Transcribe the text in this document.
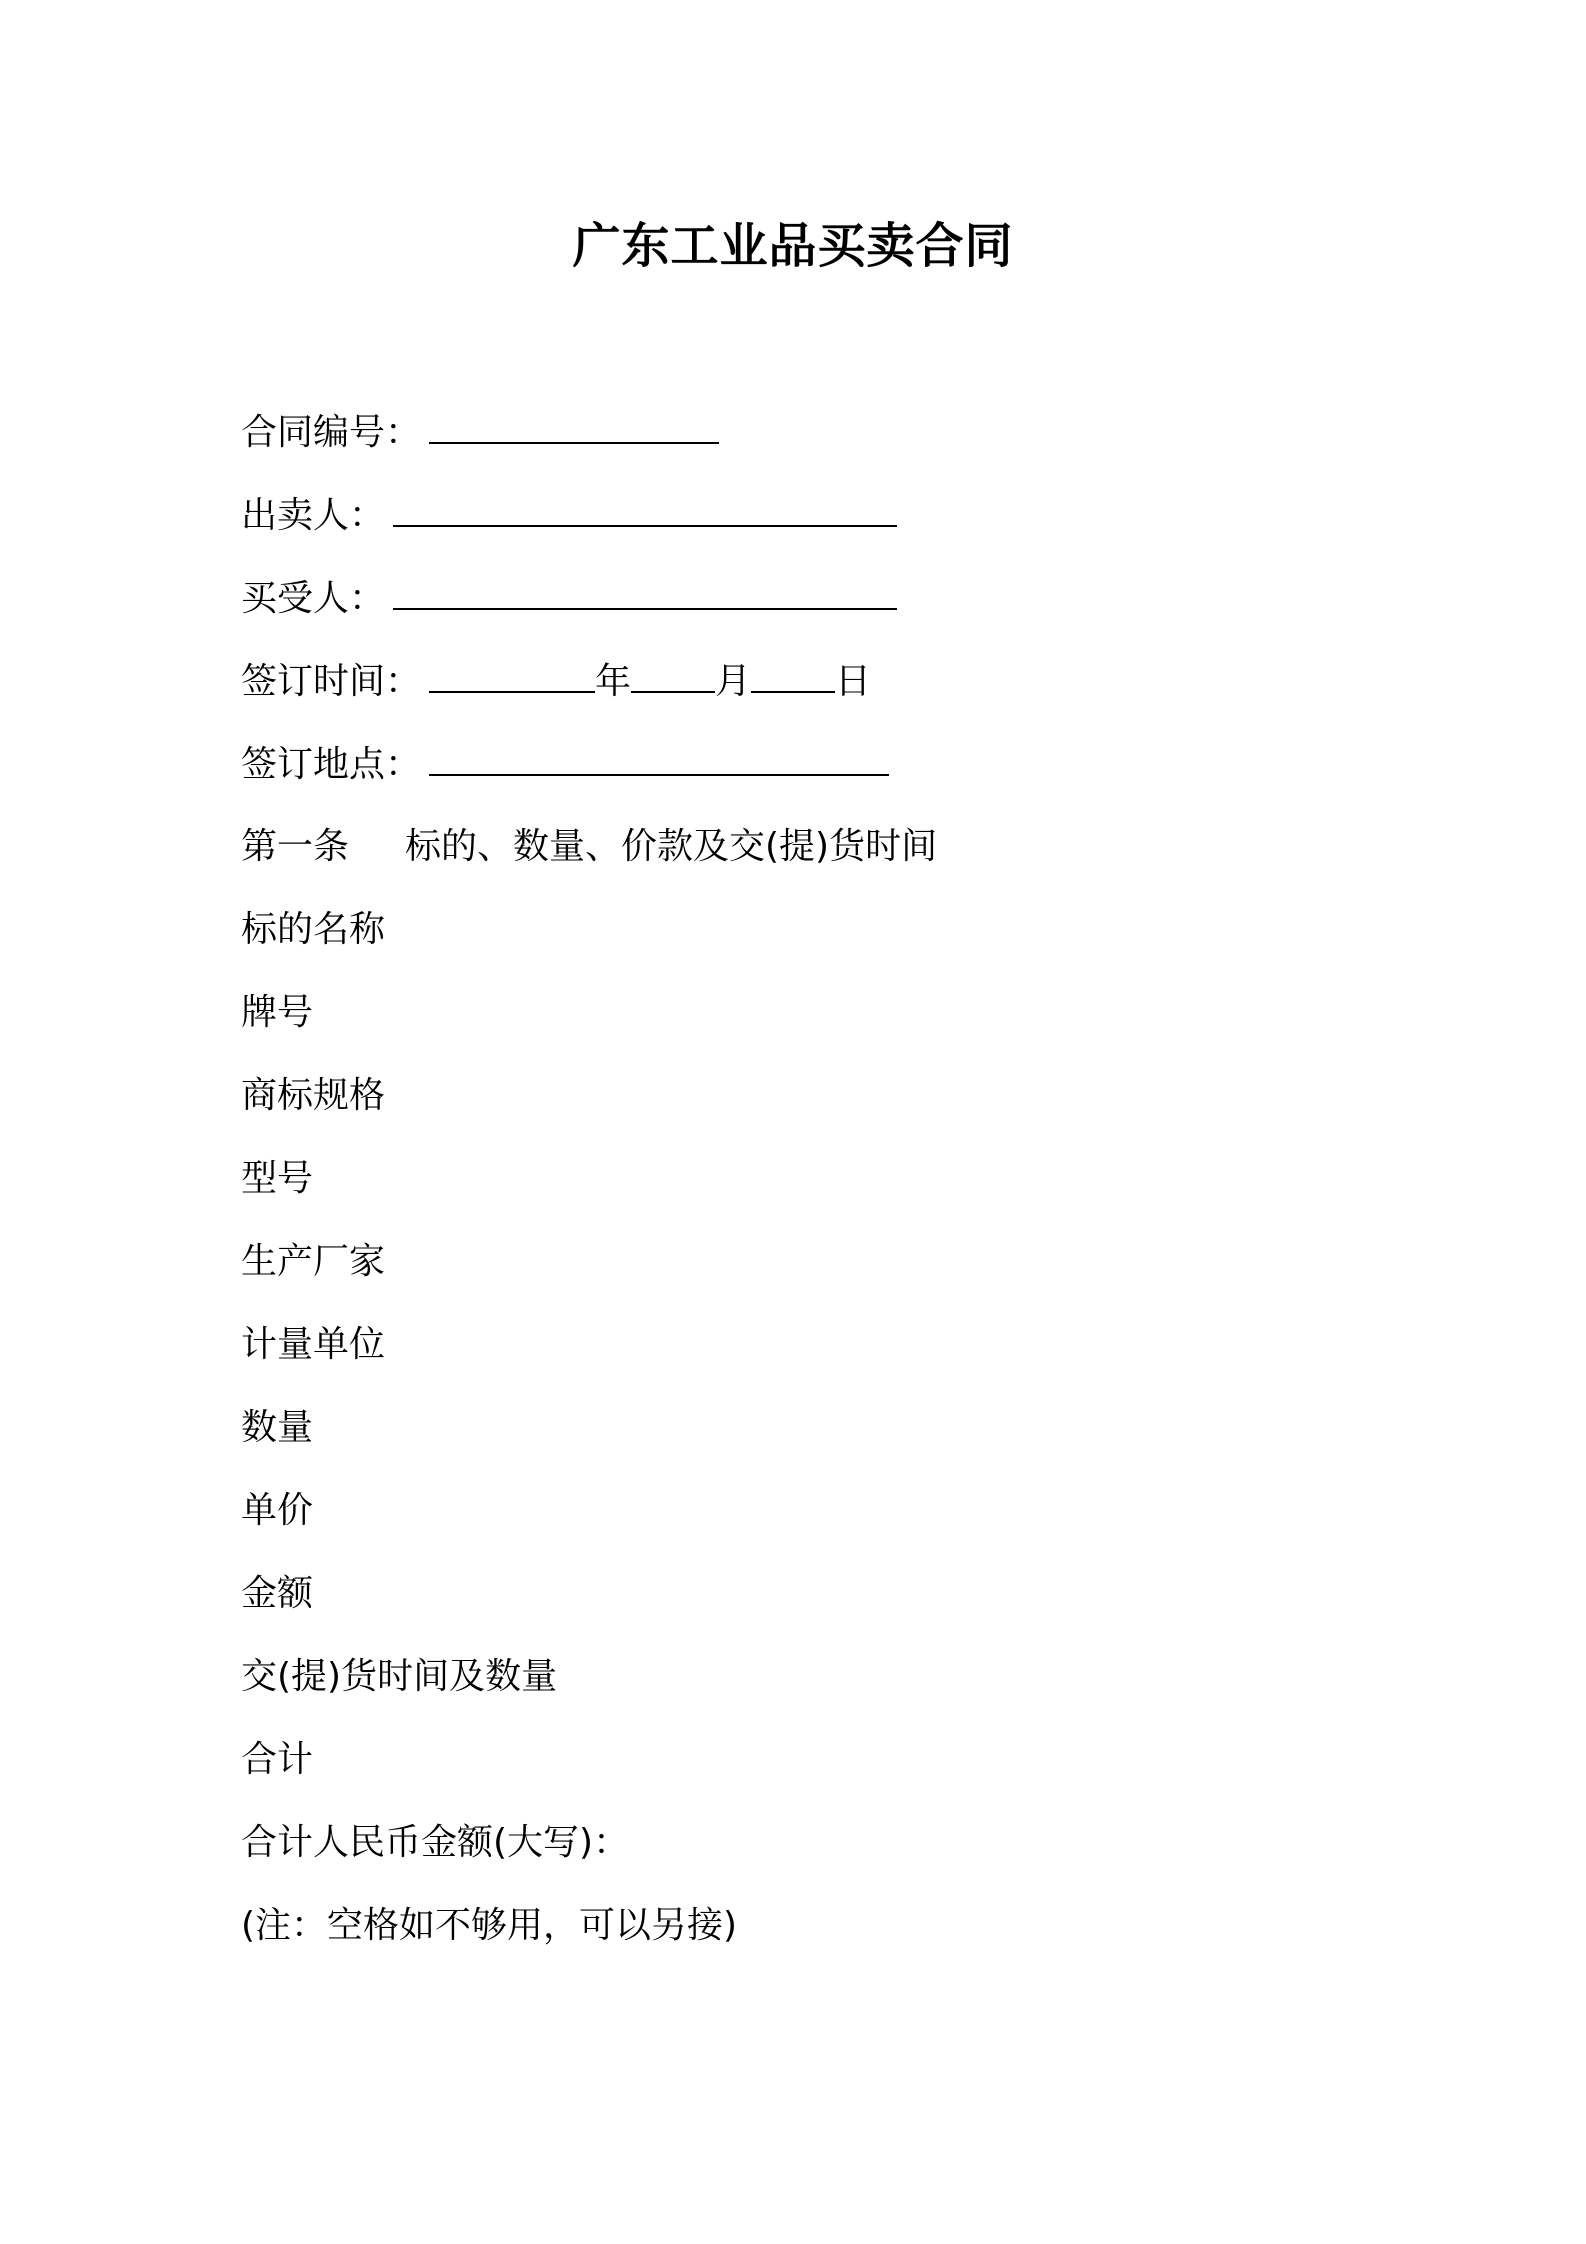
广东工业品买卖合同
合同编号：
出卖人：
买受人：
签订时间：	年 月 日
签订地点：
第一条 标的、数量、价款及交(提)货时间
标的名称
牌号
商标规格
型号
生产厂家
计量单位
数量
单价
金额
交(提)货时间及数量
合计
合计人民币金额(大写)：
(注：空格如不够用，可以另接)
